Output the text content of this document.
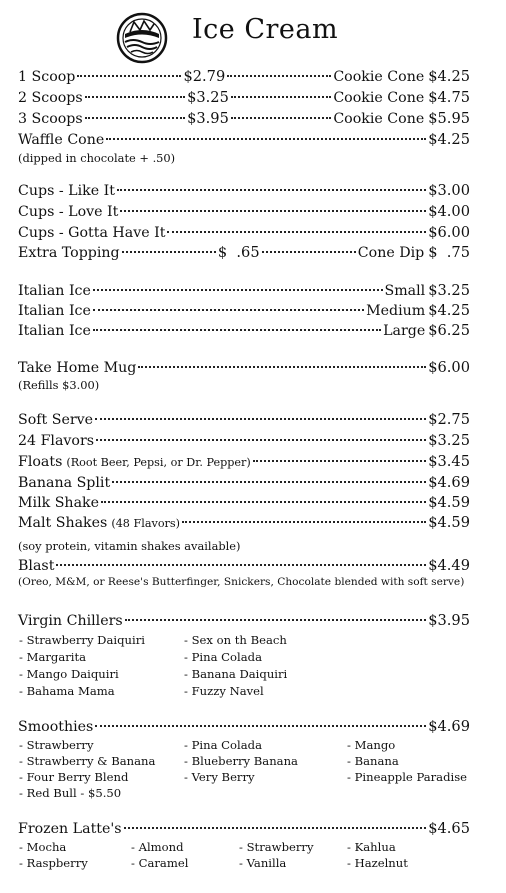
Ice Cream
1 Scoop	$2.79	Cookie Cone $4.25
2 Scoops	$3.25	Cookie Cone $4.75
3 Scoops	$3.95	Cookie Cone $5.95
Waffle Cone	$4.25
(dipped in chocolate + .50)
Cups - Like It	$3.00
Cups - Love It	$4.00
Cups - Gotta Have It	$6.00
Extra Topping	$  .65	Cone Dip $  .75
Italian Ice	Small $3.25
Italian Ice	Medium $4.25
Italian Ice	Large $6.25
Take Home Mug	$6.00
(Refills $3.00)
Soft Serve	$2.75
24 Flavors	$3.25
Floats (Root Beer, Pepsi, or Dr. Pepper)	$3.45
Banana Split	$4.69
Milk Shake	$4.59
Malt Shakes (48 Flavors)	$4.59
(soy protein, vitamin shakes available)
Blast	$4.49
(Oreo, M&M, or Reese's Butterfinger, Snickers, Chocolate blended with soft serve)
Virgin Chillers	$3.95
- Strawberry Daiquiri
- Margarita
- Mango Daiquiri
- Bahama Mama
- Sex on th Beach
- Pina Colada
- Banana Daiquiri
- Fuzzy Navel
Smoothies	$4.69
- Strawberry
- Strawberry & Banana
- Four Berry Blend
- Red Bull - $5.50
- Pina Colada
- Blueberry Banana
- Very Berry
- Mango
- Banana
- Pineapple Paradise
Frozen Latte's	$4.65
- Mocha	- Almond	- Strawberry	- Kahlua
- Raspberry	- Caramel	- Vanilla	- Hazelnut
